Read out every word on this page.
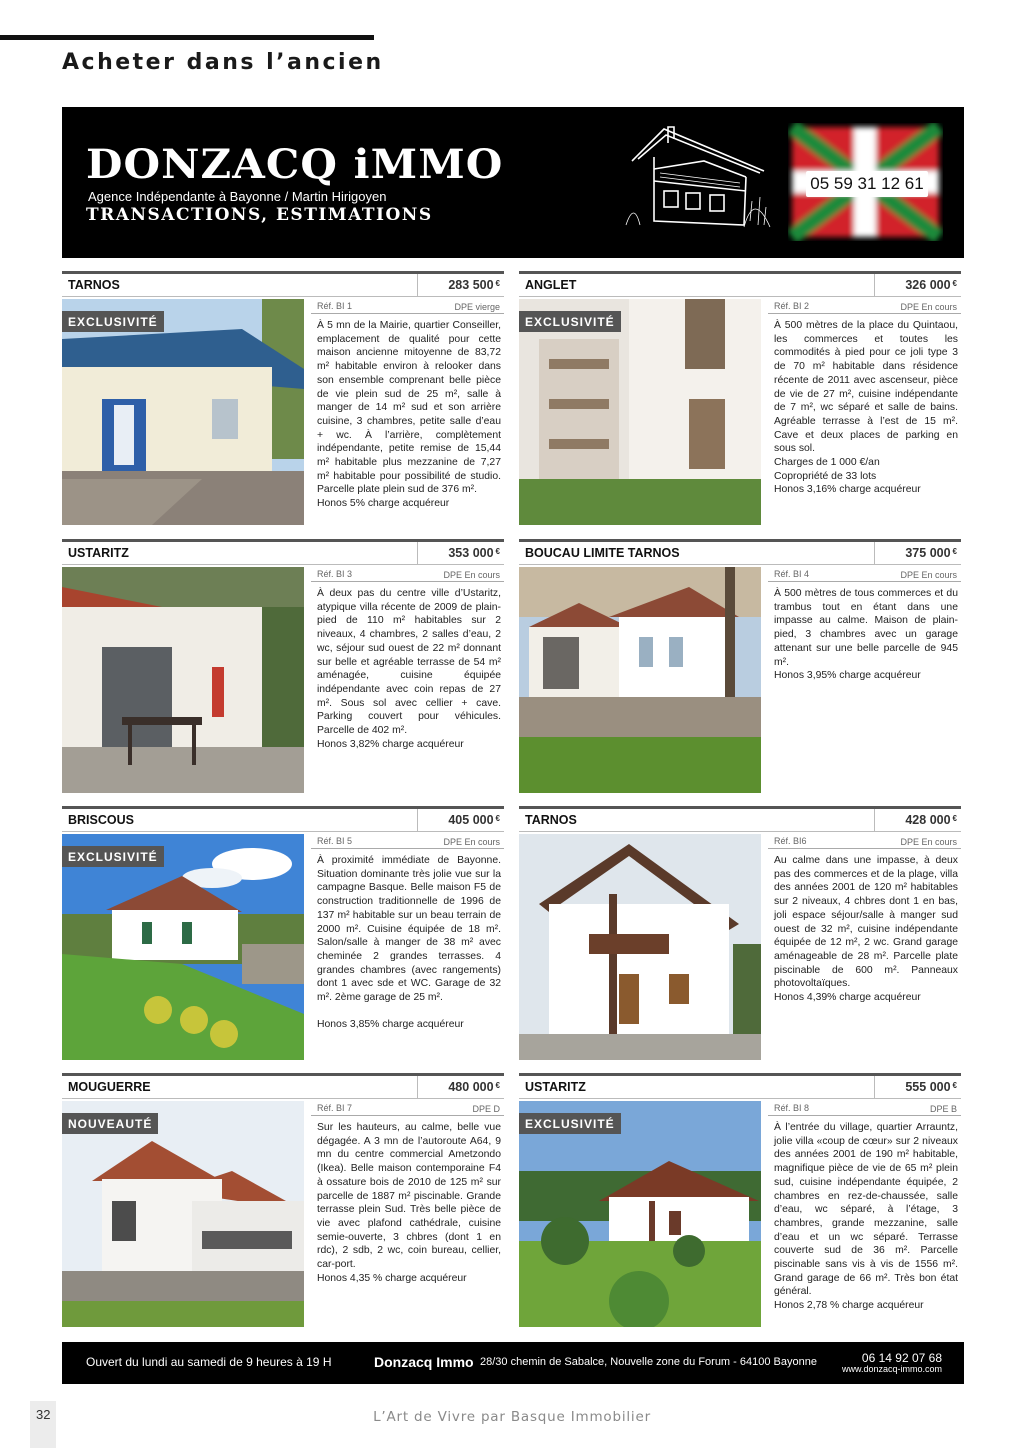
Acheter dans l’ancien
DONZACQ iMMO
Agence Indépendante à Bayonne / Martin Hirigoyen
TRANSACTIONS, ESTIMATIONS
05 59 31 12 61
TARNOS	283 500 €
EXCLUSIVITÉ
Réf. BI 1	DPE vierge

À 5 mn de la Mairie, quartier Conseiller, emplacement de qualité pour cette maison ancienne mitoyenne de 83,72 m² habitable environ à relooker dans son ensemble comprenant belle pièce de vie plein sud de 25 m², salle à manger de 14 m² sud et son arrière cuisine, 3 chambres, petite salle d’eau + wc. À l’arrière, complètement indépendante, petite remise de 15,44 m² habitable plus mezzanine de 7,27 m² habitable pour possibilité de studio. Parcelle plate plein sud de 376 m².

Honos 5% charge acquéreur

ANGLET	326 000 €
EXCLUSIVITÉ
Réf. BI 2	DPE En cours

À 500 mètres de la place du Quintaou, les commerces et toutes les commodités à pied pour ce joli type 3 de 70 m² habitable dans résidence récente de 2011 avec ascenseur, pièce de vie de 27 m², cuisine indépendante de 7 m², wc séparé et salle de bains. Agréable terrasse à l’est de 15 m². Cave et deux places de parking en sous sol.

Charges de 1 000 €/an

Copropriété de 33 lots

Honos 3,16% charge acquéreur

USTARITZ	353 000 €
Réf. BI 3	DPE En cours

À deux pas du centre ville d’Ustaritz, atypique villa récente de 2009 de plain-pied de 110 m² habitables sur 2 niveaux, 4 chambres, 2 salles d’eau, 2 wc, séjour sud ouest de 22 m² donnant sur belle et agréable terrasse de 54 m² aménagée, cuisine équipée indépendante avec coin repas de 27 m². Sous sol avec cellier + cave. Parking couvert pour véhicules. Parcelle de 402 m².

Honos 3,82% charge acquéreur

BOUCAU LIMITE TARNOS	375 000 €
Réf. BI 4	DPE En cours

À 500 mètres de tous commerces et du trambus tout en étant dans une impasse au calme. Maison de plain-pied, 3 chambres avec un garage attenant sur une belle parcelle de 945 m².

Honos 3,95% charge acquéreur

BRISCOUS	405 000 €
EXCLUSIVITÉ
Réf. BI 5	DPE En cours

À proximité immédiate de Bayonne. Situation dominante très jolie vue sur la campagne Basque. Belle maison F5 de construction traditionnelle de 1996 de 137 m² habitable sur un beau terrain de 2000 m². Cuisine équipée de 18 m². Salon/salle à manger de 38 m² avec cheminée 2 grandes terrasses. 4 grandes chambres (avec rangements) dont 1 avec sde et WC. Garage de 32 m². 2ème garage de 25 m².

Honos 3,85% charge acquéreur

TARNOS	428 000 €
Réf. BI6	DPE En cours

Au calme dans une impasse, à deux pas des commerces et de la plage, villa des années 2001 de 120 m² habitables sur 2 niveaux, 4 chbres dont 1 en bas, joli espace séjour/salle à manger sud ouest de 32 m², cuisine indépendante équipée de 12 m², 2 wc. Grand garage aménageable de 28 m². Parcelle plate piscinable de 600 m². Panneaux photovoltaïques.

Honos 4,39% charge acquéreur

MOUGUERRE	480 000 €
NOUVEAUTÉ
Réf. BI 7	DPE D

Sur les hauteurs, au calme, belle vue dégagée. A 3 mn de l’autoroute A64, 9 mn du centre commercial Ametzondo (Ikea). Belle maison contemporaine F4 à ossature bois de 2010 de 125 m² sur parcelle de 1887 m² piscinable. Grande terrasse plein Sud. Très belle pièce de vie avec plafond cathédrale, cuisine semie-ouverte, 3 chbres (dont 1 en rdc), 2 sdb, 2 wc, coin bureau, cellier, car-port.

Honos 4,35 % charge acquéreur

USTARITZ	555 000 €
EXCLUSIVITÉ
Réf. BI 8	DPE B

À l’entrée du village, quartier Arrauntz, jolie villa «coup de cœur» sur 2 niveaux des années 2001 de 190 m² habitable, magnifique pièce de vie de 65 m² plein sud, cuisine indépendante équipée, 2 chambres en rez-de-chaussée, salle d’eau, wc séparé, à l’étage, 3 chambres, grande mezzanine, salle d’eau et un wc séparé. Terrasse couverte sud de 36 m². Parcelle piscinable sans vis à vis de 1556 m². Grand garage de 66 m². Très bon état général.

Honos 2,78 % charge acquéreur

Ouvert du lundi au samedi de 9 heures à 19 H	Donzacq Immo 28/30 chemin de Sabalce, Nouvelle zone du Forum - 64100 Bayonne	06 14 92 07 68
www.donzacq-immo.com
32	L’Art de Vivre par Basque Immobilier
